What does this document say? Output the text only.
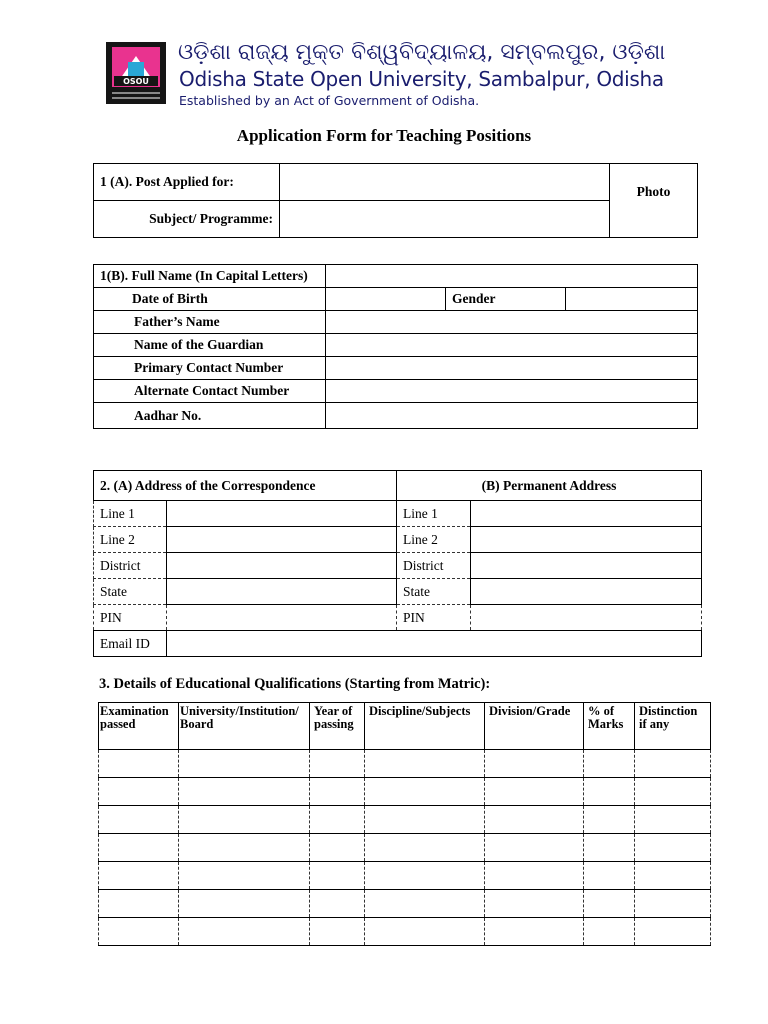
OSOU
ଓଡ଼ିଶା ରାଜ୍ୟ ମୁକ୍ତ ବିଶ୍ୱବିଦ୍ୟାଳୟ, ସମ୍ବଲପୁର, ଓଡ଼ିଶା
Odisha State Open University, Sambalpur, Odisha
Established by an Act of Government of Odisha.
Application Form for Teaching Positions
1 (A). Post Applied for:		Photo
Subject/ Programme:		
1(B). Full Name (In Capital Letters)			
Date of Birth		Gender	
Father’s Name			
Name of the Guardian			
Primary Contact Number			
Alternate Contact Number			
Aadhar No.			
2. (A) Address of the Correspondence		(B) Permanent Address	
Line 1		Line 1	
Line 2		Line 2	
District		District	
State		State	
PIN		PIN	
Email ID			
3. Details of Educational Qualifications (Starting from Matric):
Examination passed	University/Institution/ Board	Year of passing	Discipline/Subjects	Division/Grade	% of Marks	Distinction if any
